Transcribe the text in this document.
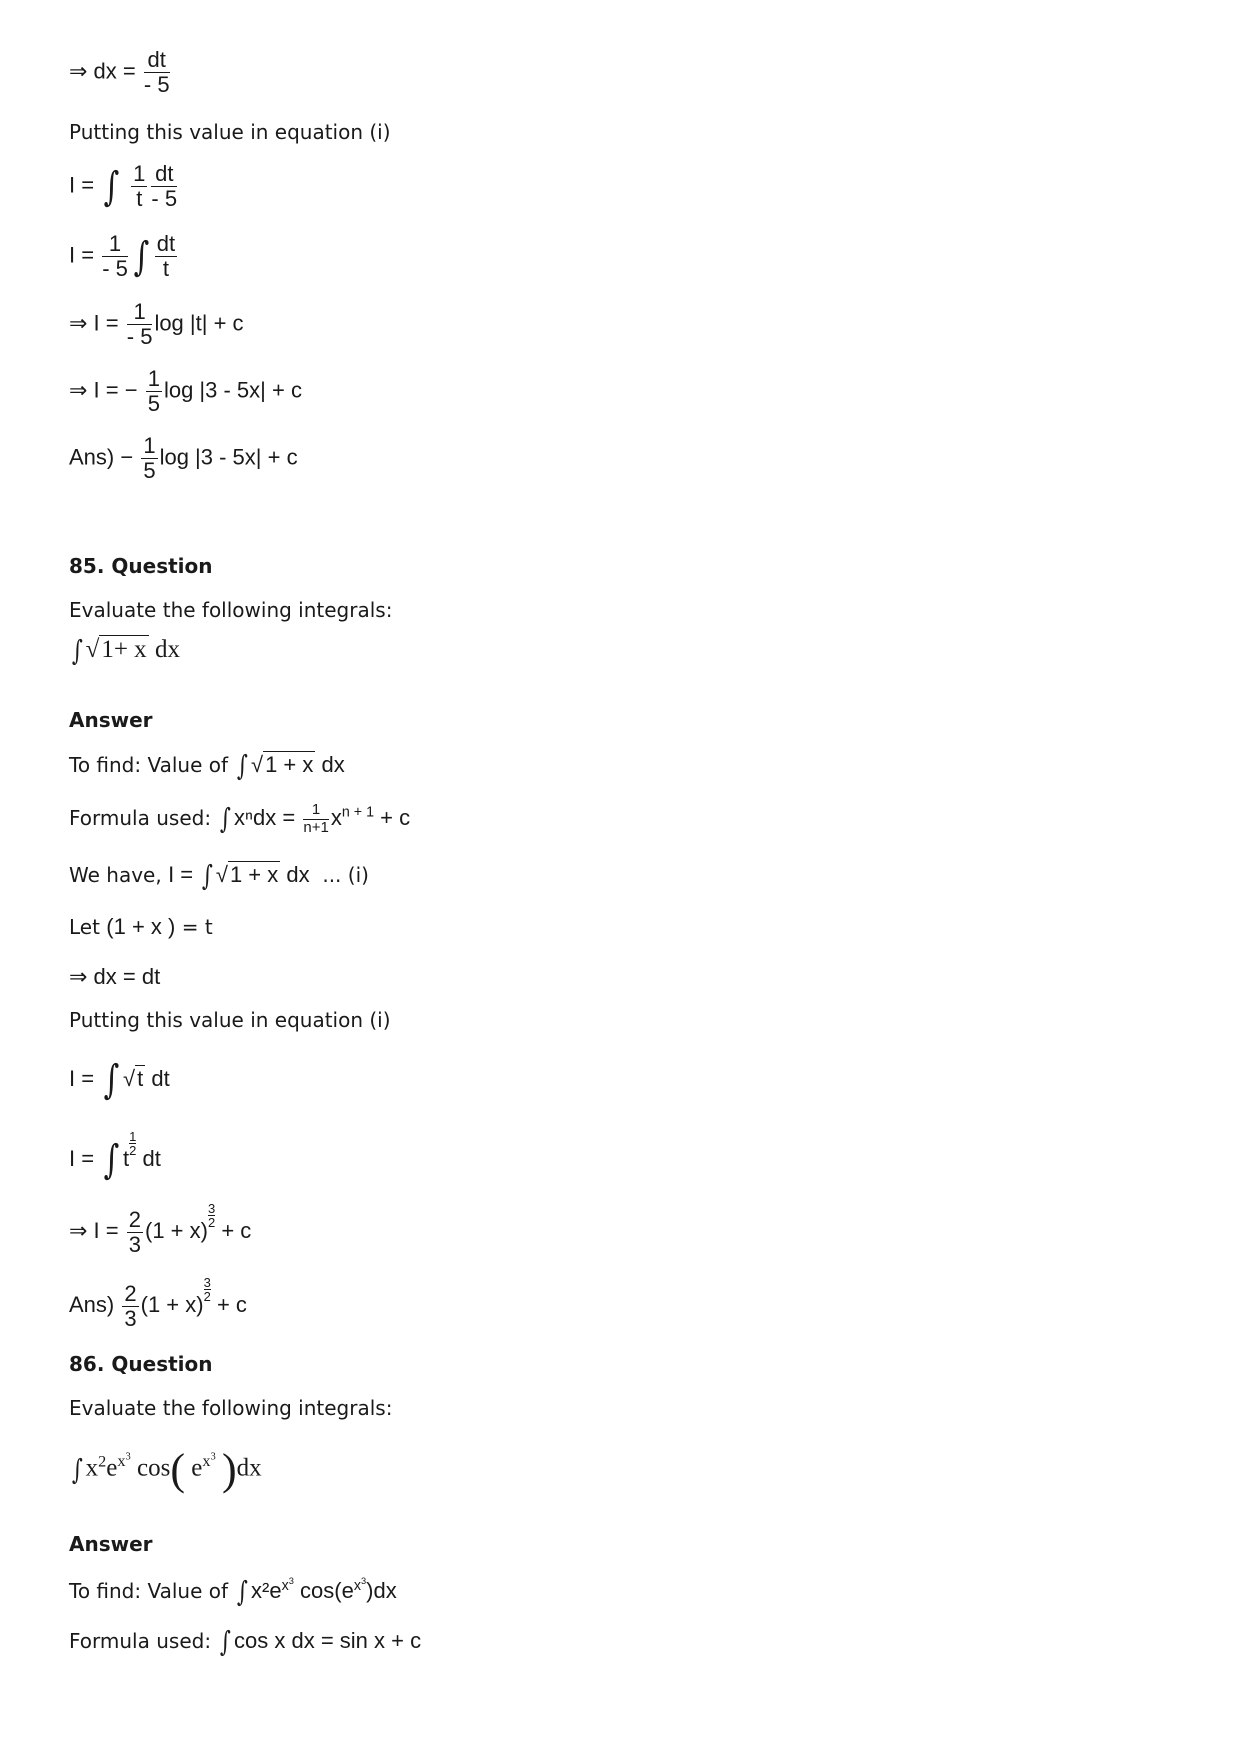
⇒ dx = $\frac{dt}{- 5}$
Putting this value in equation (i)
I = ∫ $\frac{1}{t} \frac{dt}{- 5}$
$I = \frac{1}{- 5}$ ∫ $\frac{dt}{t}$
⇒ $I = \frac{1}{- 5}$ log |t| + c
⇒ I = − $\frac{1}{5}$ log |3 - 5x| + c
$Ans) - \frac{1}{5}$ log |3 - 5x| + c
85. Question
Evaluate the following integrals:
∫ √1+ x dx
Answer
To find: Value of ∫ √1 + x dx
Formula used: ∫ $x^ndx = \frac{1}{n+1} x^{n + 1} + c$
We have, I = ∫ √1 + x dx ... (i)
Let (1 + x ) = t
⇒ dx = dt
Putting this value in equation (i)
I = ∫ √t dt
I = ∫ t
$\frac{1}{2}$
dt
⇒ $I = \frac{2}{3} (1 + x)$
$\frac{3}{2}$
+ c
$Ans) \frac{2}{3} (1 + x)$
$\frac{3}{2}$
+ c
86. Question
Evaluate the following integrals:
∫ $x^2e^{x^3}$ cos( $e^{x^3}$ )dx
Answer
To find: Value of ∫ $x^2e^{x^3}$ $\cos(e^{x^3})dx$
Formula used: ∫ cos x dx = sin x + c
